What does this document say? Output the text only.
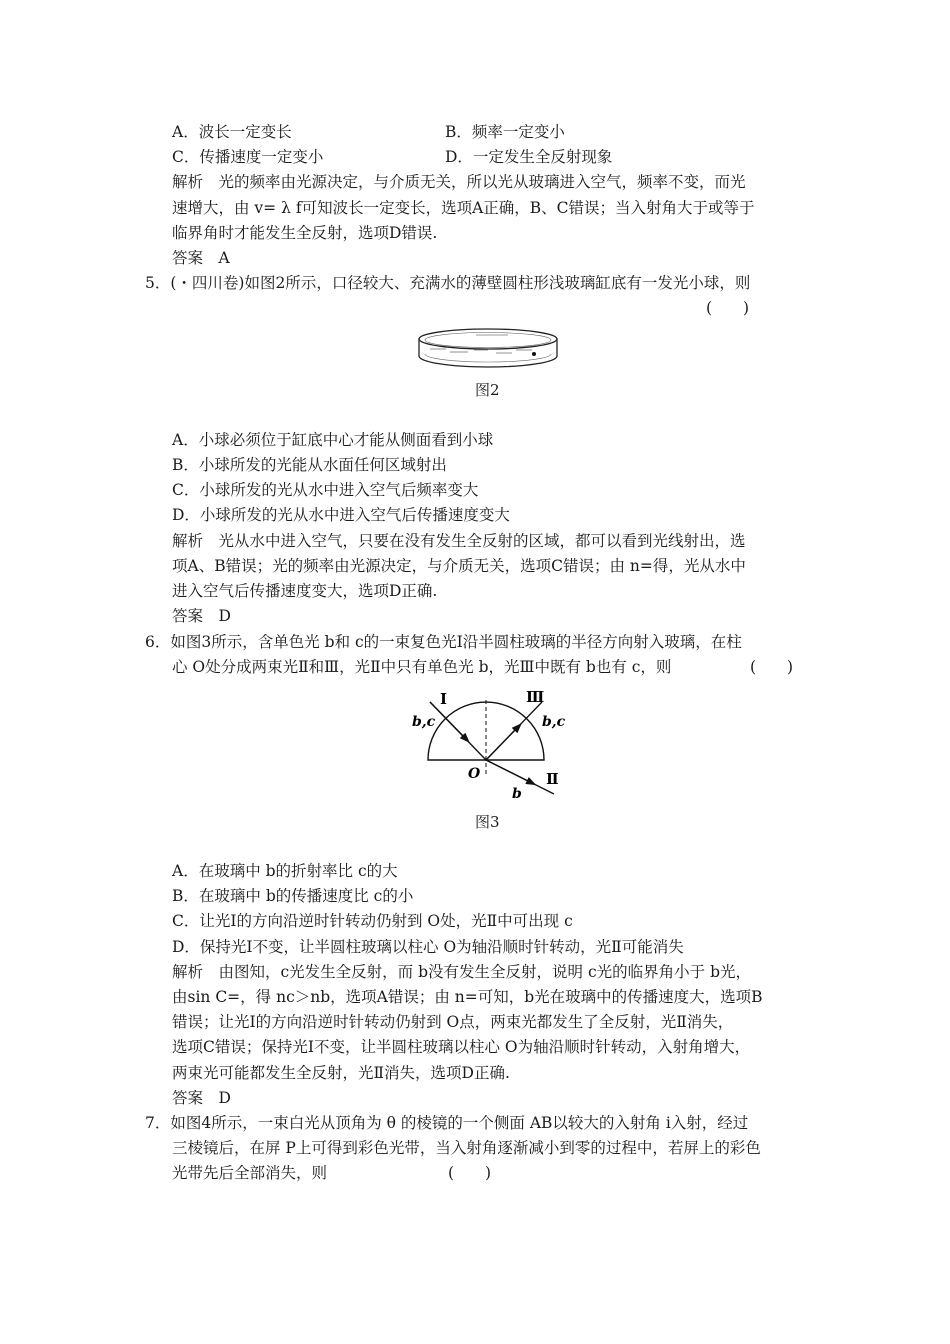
A．波长一定变长	B．频率一定变小
C．传播速度一定变小	D．一定发生全反射现象
解析　光的频率由光源决定，与介质无关，所以光从玻璃进入空气，频率不变，而光
速增大，由 v= λ f可知波长一定变长，选项A正确，B、C错误；当入射角大于或等于
临界角时才能发生全反射，选项D错误.
答案　A
5．(・四川卷)如图2所示，口径较大、充满水的薄壁圆柱形浅玻璃缸底有一发光小球，则
(　　)
图2
A．小球必须位于缸底中心才能从侧面看到小球
B．小球所发的光能从水面任何区域射出
C．小球所发的光从水中进入空气后频率变大
D．小球所发的光从水中进入空气后传播速度变大
解析　光从水中进入空气，只要在没有发生全反射的区域，都可以看到光线射出，选
项A、B错误；光的频率由光源决定，与介质无关，选项C错误；由 n=得，光从水中
进入空气后传播速度变大，选项D正确.
答案　D
6．如图3所示，含单色光 b和 c的一束复色光Ⅰ沿半圆柱玻璃的半径方向射入玻璃，在柱
心 O处分成两束光Ⅱ和Ⅲ，光Ⅱ中只有单色光 b，光Ⅲ中既有 b也有 c，则	(　　)
Ⅰ	Ⅲ
Ⅱ
b,c	b,c
O
b
图3
A．在玻璃中 b的折射率比 c的大
B．在玻璃中 b的传播速度比 c的小
C．让光Ⅰ的方向沿逆时针转动仍射到 O处，光Ⅱ中可出现 c
D．保持光Ⅰ不变，让半圆柱玻璃以柱心 O为轴沿顺时针转动，光Ⅱ可能消失
解析　由图知，c光发生全反射，而 b没有发生全反射，说明 c光的临界角小于 b光，
由sin C=，得 nc＞nb，选项A错误；由 n=可知，b光在玻璃中的传播速度大，选项B
错误；让光Ⅰ的方向沿逆时针转动仍射到 O点，两束光都发生了全反射，光Ⅱ消失，
选项C错误；保持光Ⅰ不变，让半圆柱玻璃以柱心 O为轴沿顺时针转动，入射角增大，
两束光可能都发生全反射，光Ⅱ消失，选项D正确.
答案　D
7．如图4所示，一束白光从顶角为 θ 的棱镜的一个侧面 AB以较大的入射角 i入射，经过
三棱镜后，在屏 P上可得到彩色光带，当入射角逐渐减小到零的过程中，若屏上的彩色
光带先后全部消失，则	(　　)
